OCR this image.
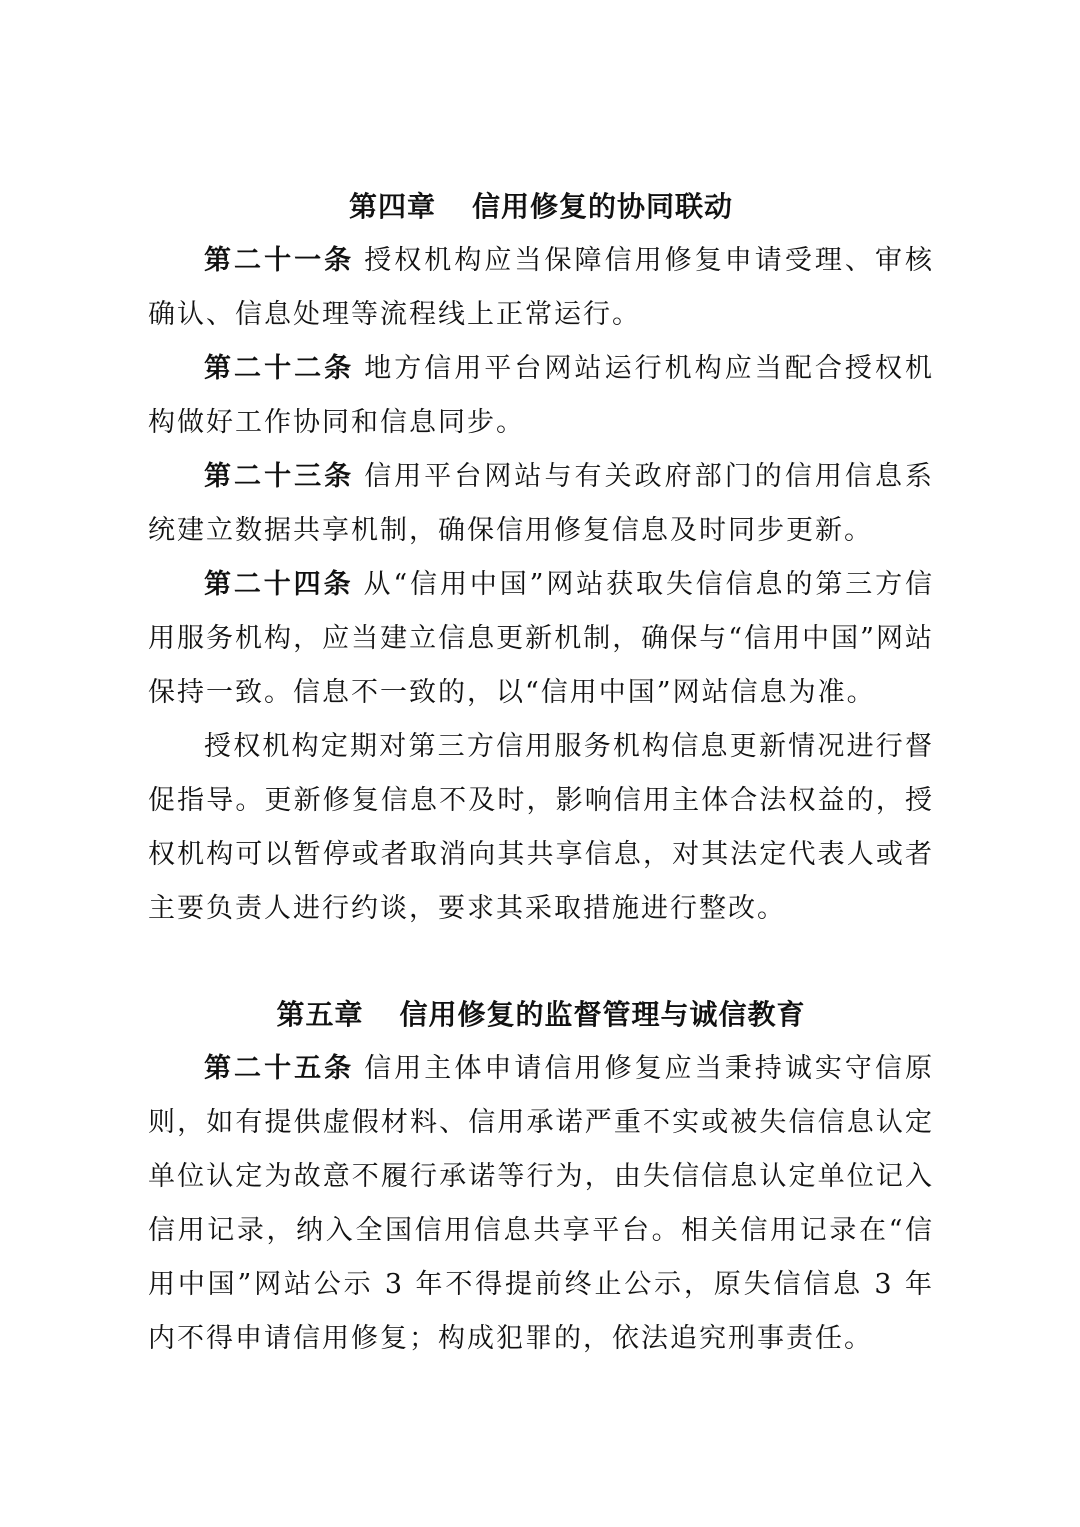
第四章 信用修复的协同联动

第二十一条 授权机构应当保障信用修复申请受理、审核确认、信息处理等流程线上正常运行。

第二十二条 地方信用平台网站运行机构应当配合授权机构做好工作协同和信息同步。

第二十三条 信用平台网站与有关政府部门的信用信息系统建立数据共享机制，确保信用修复信息及时同步更新。

第二十四条 从“信用中国”网站获取失信信息的第三方信用服务机构，应当建立信息更新机制，确保与“信用中国”网站保持一致。信息不一致的，以“信用中国”网站信息为准。

授权机构定期对第三方信用服务机构信息更新情况进行督促指导。更新修复信息不及时，影响信用主体合法权益的，授权机构可以暂停或者取消向其共享信息，对其法定代表人或者主要负责人进行约谈，要求其采取措施进行整改。

第五章 信用修复的监督管理与诚信教育

第二十五条 信用主体申请信用修复应当秉持诚实守信原则，如有提供虚假材料、信用承诺严重不实或被失信信息认定单位认定为故意不履行承诺等行为，由失信信息认定单位记入信用记录，纳入全国信用信息共享平台。相关信用记录在“信用中国”网站公示 3 年不得提前终止公示，原失信信息 3 年内不得申请信用修复；构成犯罪的，依法追究刑事责任。
